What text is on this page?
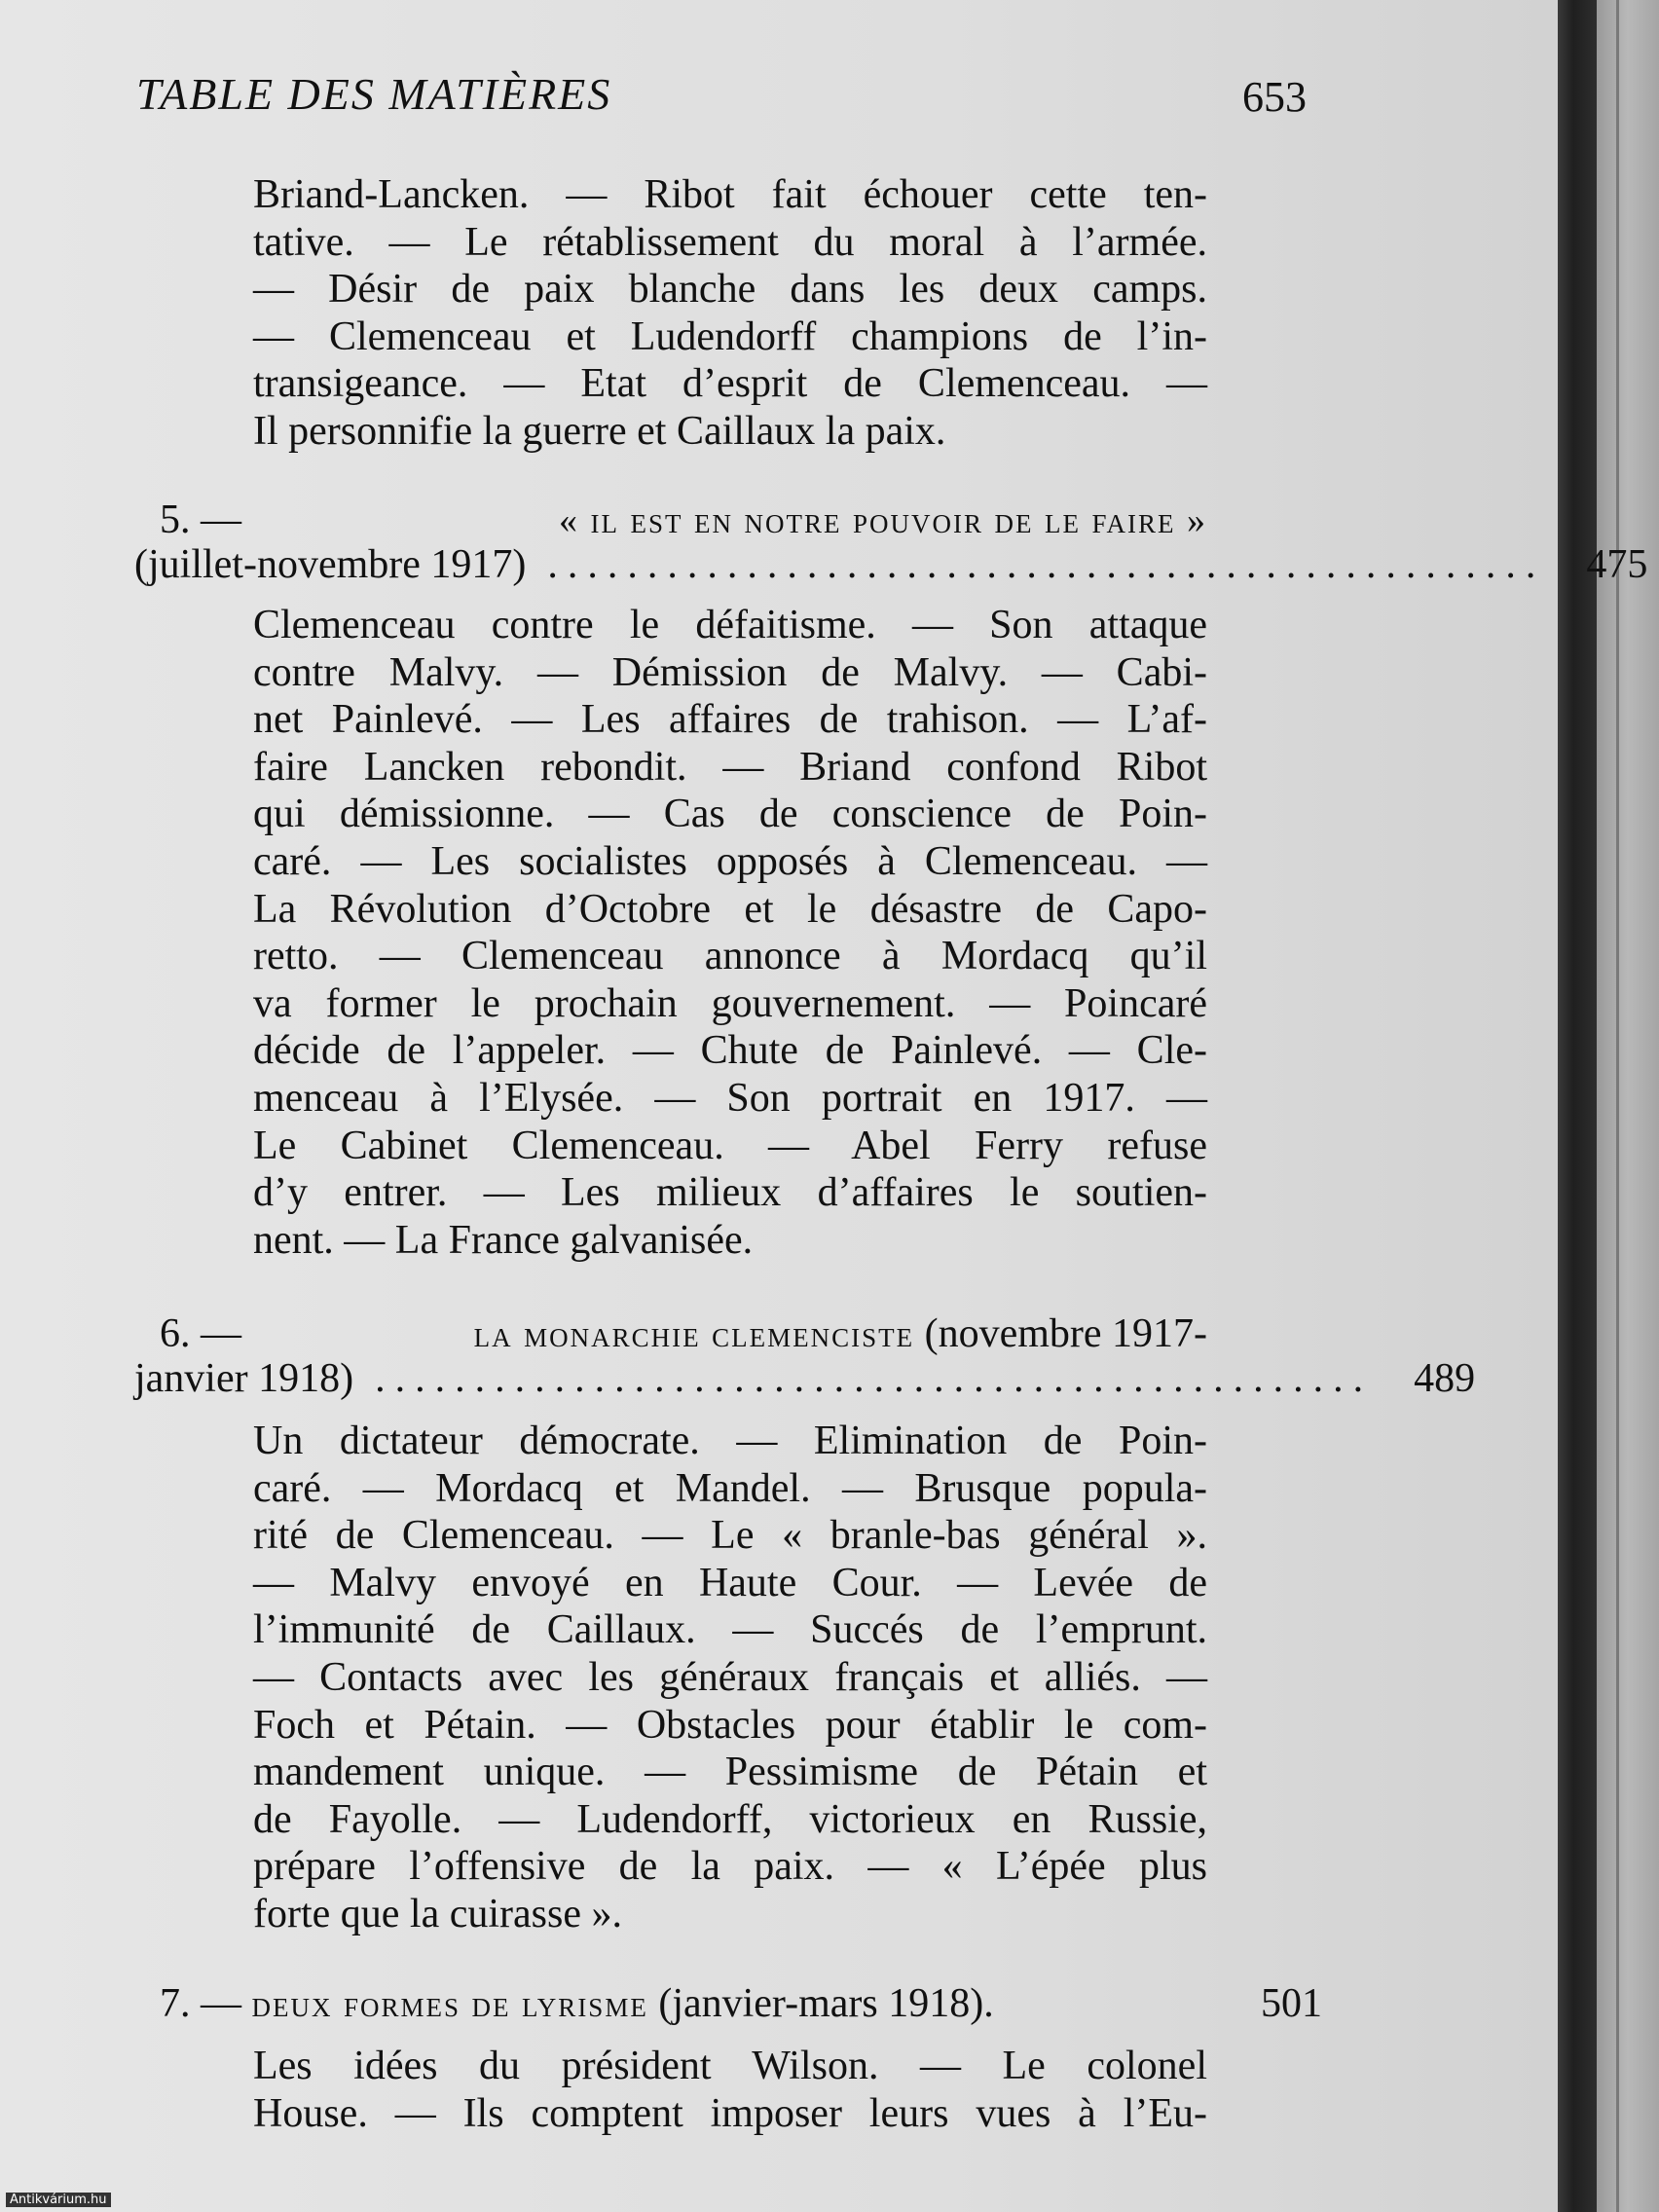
TABLE DES MATIÈRES	653
Briand-Lancken. — Ribot fait échouer cette ten-
tative. — Le rétablissement du moral à l’armée.
— Désir de paix blanche dans les deux camps.
— Clemenceau et Ludendorff champions de l’in-
transigeance. — Etat d’esprit de Clemenceau. —
Il personnifie la guerre et Caillaux la paix.
5. —	« il est en notre pouvoir de le faire »
(juillet-novembre 1917) .................................................. 475
Clemenceau contre le défaitisme. — Son attaque
contre Malvy. — Démission de Malvy. — Cabi-
net Painlevé. — Les affaires de trahison. — L’af-
faire Lancken rebondit. — Briand confond Ribot
qui démissionne. — Cas de conscience de Poin-
caré. — Les socialistes opposés à Clemenceau. —
La Révolution d’Octobre et le désastre de Capo-
retto. — Clemenceau annonce à Mordacq qu’il
va former le prochain gouvernement. — Poincaré
décide de l’appeler. — Chute de Painlevé. — Cle-
menceau à l’Elysée. — Son portrait en 1917. —
Le Cabinet Clemenceau. — Abel Ferry refuse
d’y entrer. — Les milieux d’affaires le soutien-
nent. — La France galvanisée.
6. —	la monarchie clemenciste (novembre 1917-
janvier 1918) .................................................. 489
Un dictateur démocrate. — Elimination de Poin-
caré. — Mordacq et Mandel. — Brusque popula-
rité de Clemenceau. — Le « branle-bas général ».
— Malvy envoyé en Haute Cour. — Levée de
l’immunité de Caillaux. — Succés de l’emprunt.
— Contacts avec les généraux français et alliés. —
Foch et Pétain. — Obstacles pour établir le com-
mandement unique. — Pessimisme de Pétain et
de Fayolle. — Ludendorff, victorieux en Russie,
prépare l’offensive de la paix. — « L’épée plus
forte que la cuirasse ».
7. — deux formes de lyrisme (janvier-mars 1918).	501
Les idées du président Wilson. — Le colonel
House. — Ils comptent imposer leurs vues à l’Eu-
Antikvárium.hu
